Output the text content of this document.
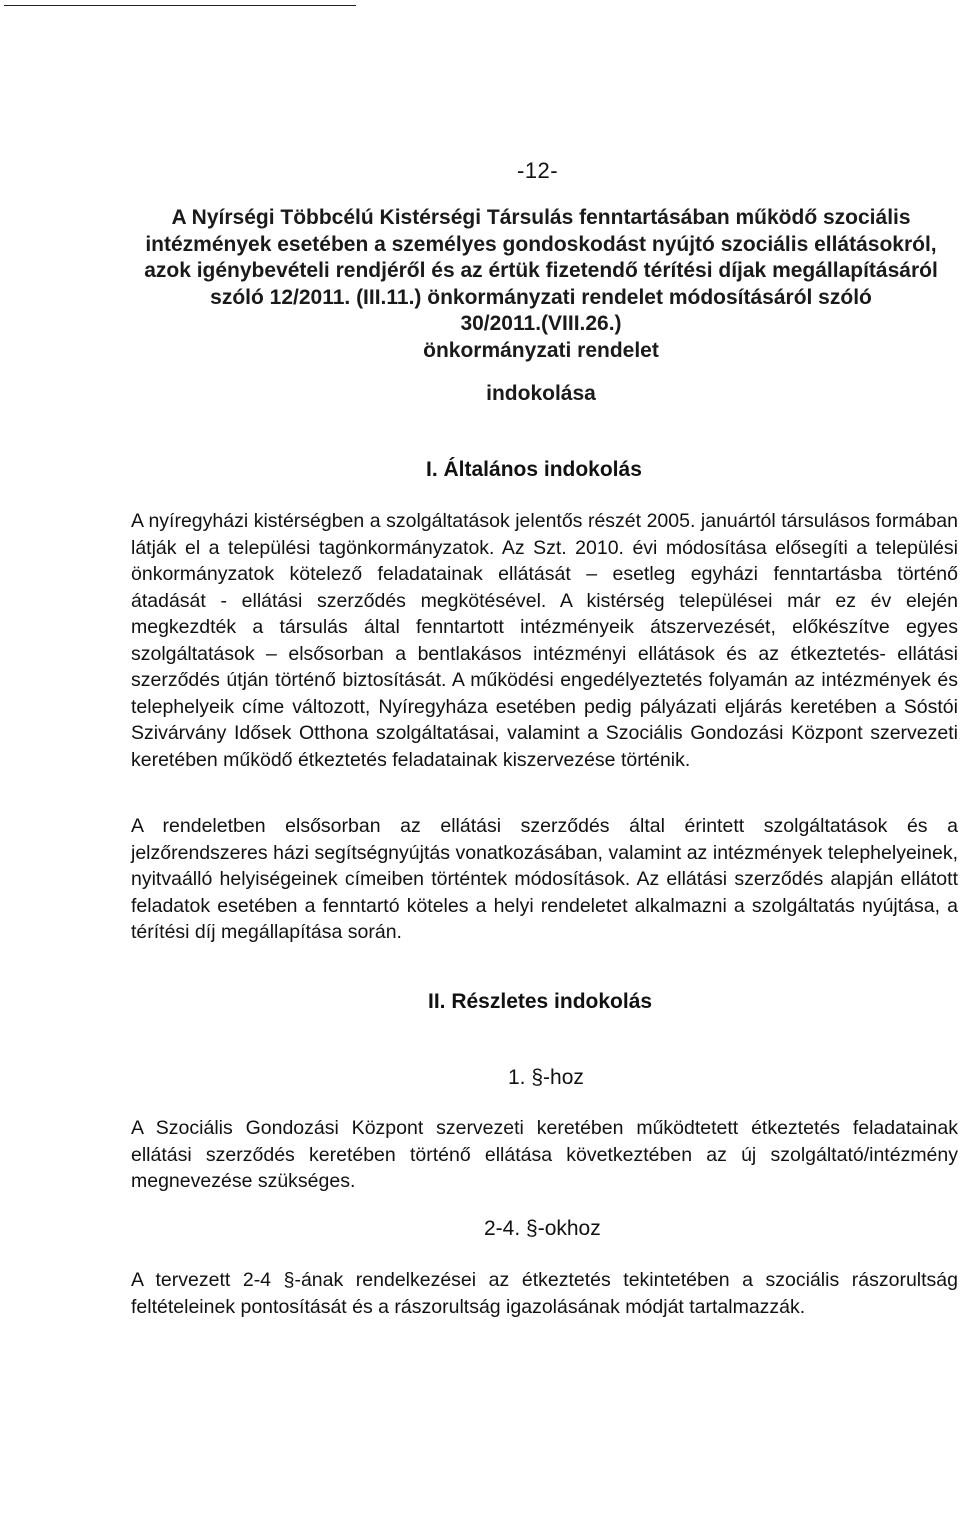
-12-
A Nyírségi Többcélú Kistérségi Társulás fenntartásában működő szociális
intézmények esetében a személyes gondoskodást nyújtó szociális ellátásokról,
azok igénybevételi rendjéről és az értük fizetendő térítési díjak megállapításáról
szóló 12/2011. (III.11.) önkormányzati rendelet módosításáról szóló
30/2011.(VIII.26.)
önkormányzati rendelet
indokolása
I. Általános indokolás

A nyíregyházi kistérségben a szolgáltatások jelentős részét 2005. januártól társulásos formában látják el a települési tagönkormányzatok. Az Szt. 2010. évi módosítása elősegíti a települési önkormányzatok kötelező feladatainak ellátását – esetleg egyházi fenntartásba történő átadását - ellátási szerződés megkötésével. A kistérség települései már ez év elején megkezdték a társulás által fenntartott intézményeik átszervezését, előkészítve egyes szolgáltatások – elsősorban a bentlakásos intézményi ellátások és az étkeztetés- ellátási szerződés útján történő biztosítását. A működési engedélyeztetés folyamán az intézmények és telephelyeik címe változott, Nyíregyháza esetében pedig pályázati eljárás keretében a Sóstói Szivárvány Idősek Otthona szolgáltatásai, valamint a Szociális Gondozási Központ szervezeti keretében működő étkeztetés feladatainak kiszervezése történik.

A rendeletben elsősorban az ellátási szerződés által érintett szolgáltatások és a jelzőrendszeres házi segítségnyújtás vonatkozásában, valamint az intézmények telephelyeinek, nyitvaálló helyiségeinek címeiben történtek módosítások. Az ellátási szerződés alapján ellátott feladatok esetében a fenntartó köteles a helyi rendeletet alkalmazni a szolgáltatás nyújtása, a térítési díj megállapítása során.

II. Részletes indokolás
1. §-hoz

A Szociális Gondozási Központ szervezeti keretében működtetett étkeztetés feladatainak ellátási szerződés keretében történő ellátása következtében az új szolgáltató/intézmény megnevezése szükséges.

2-4. §-okhoz

A tervezett 2-4 §-ának rendelkezései az étkeztetés tekintetében a szociális rászorultság feltételeinek pontosítását és a rászorultság igazolásának módját tartalmazzák.
